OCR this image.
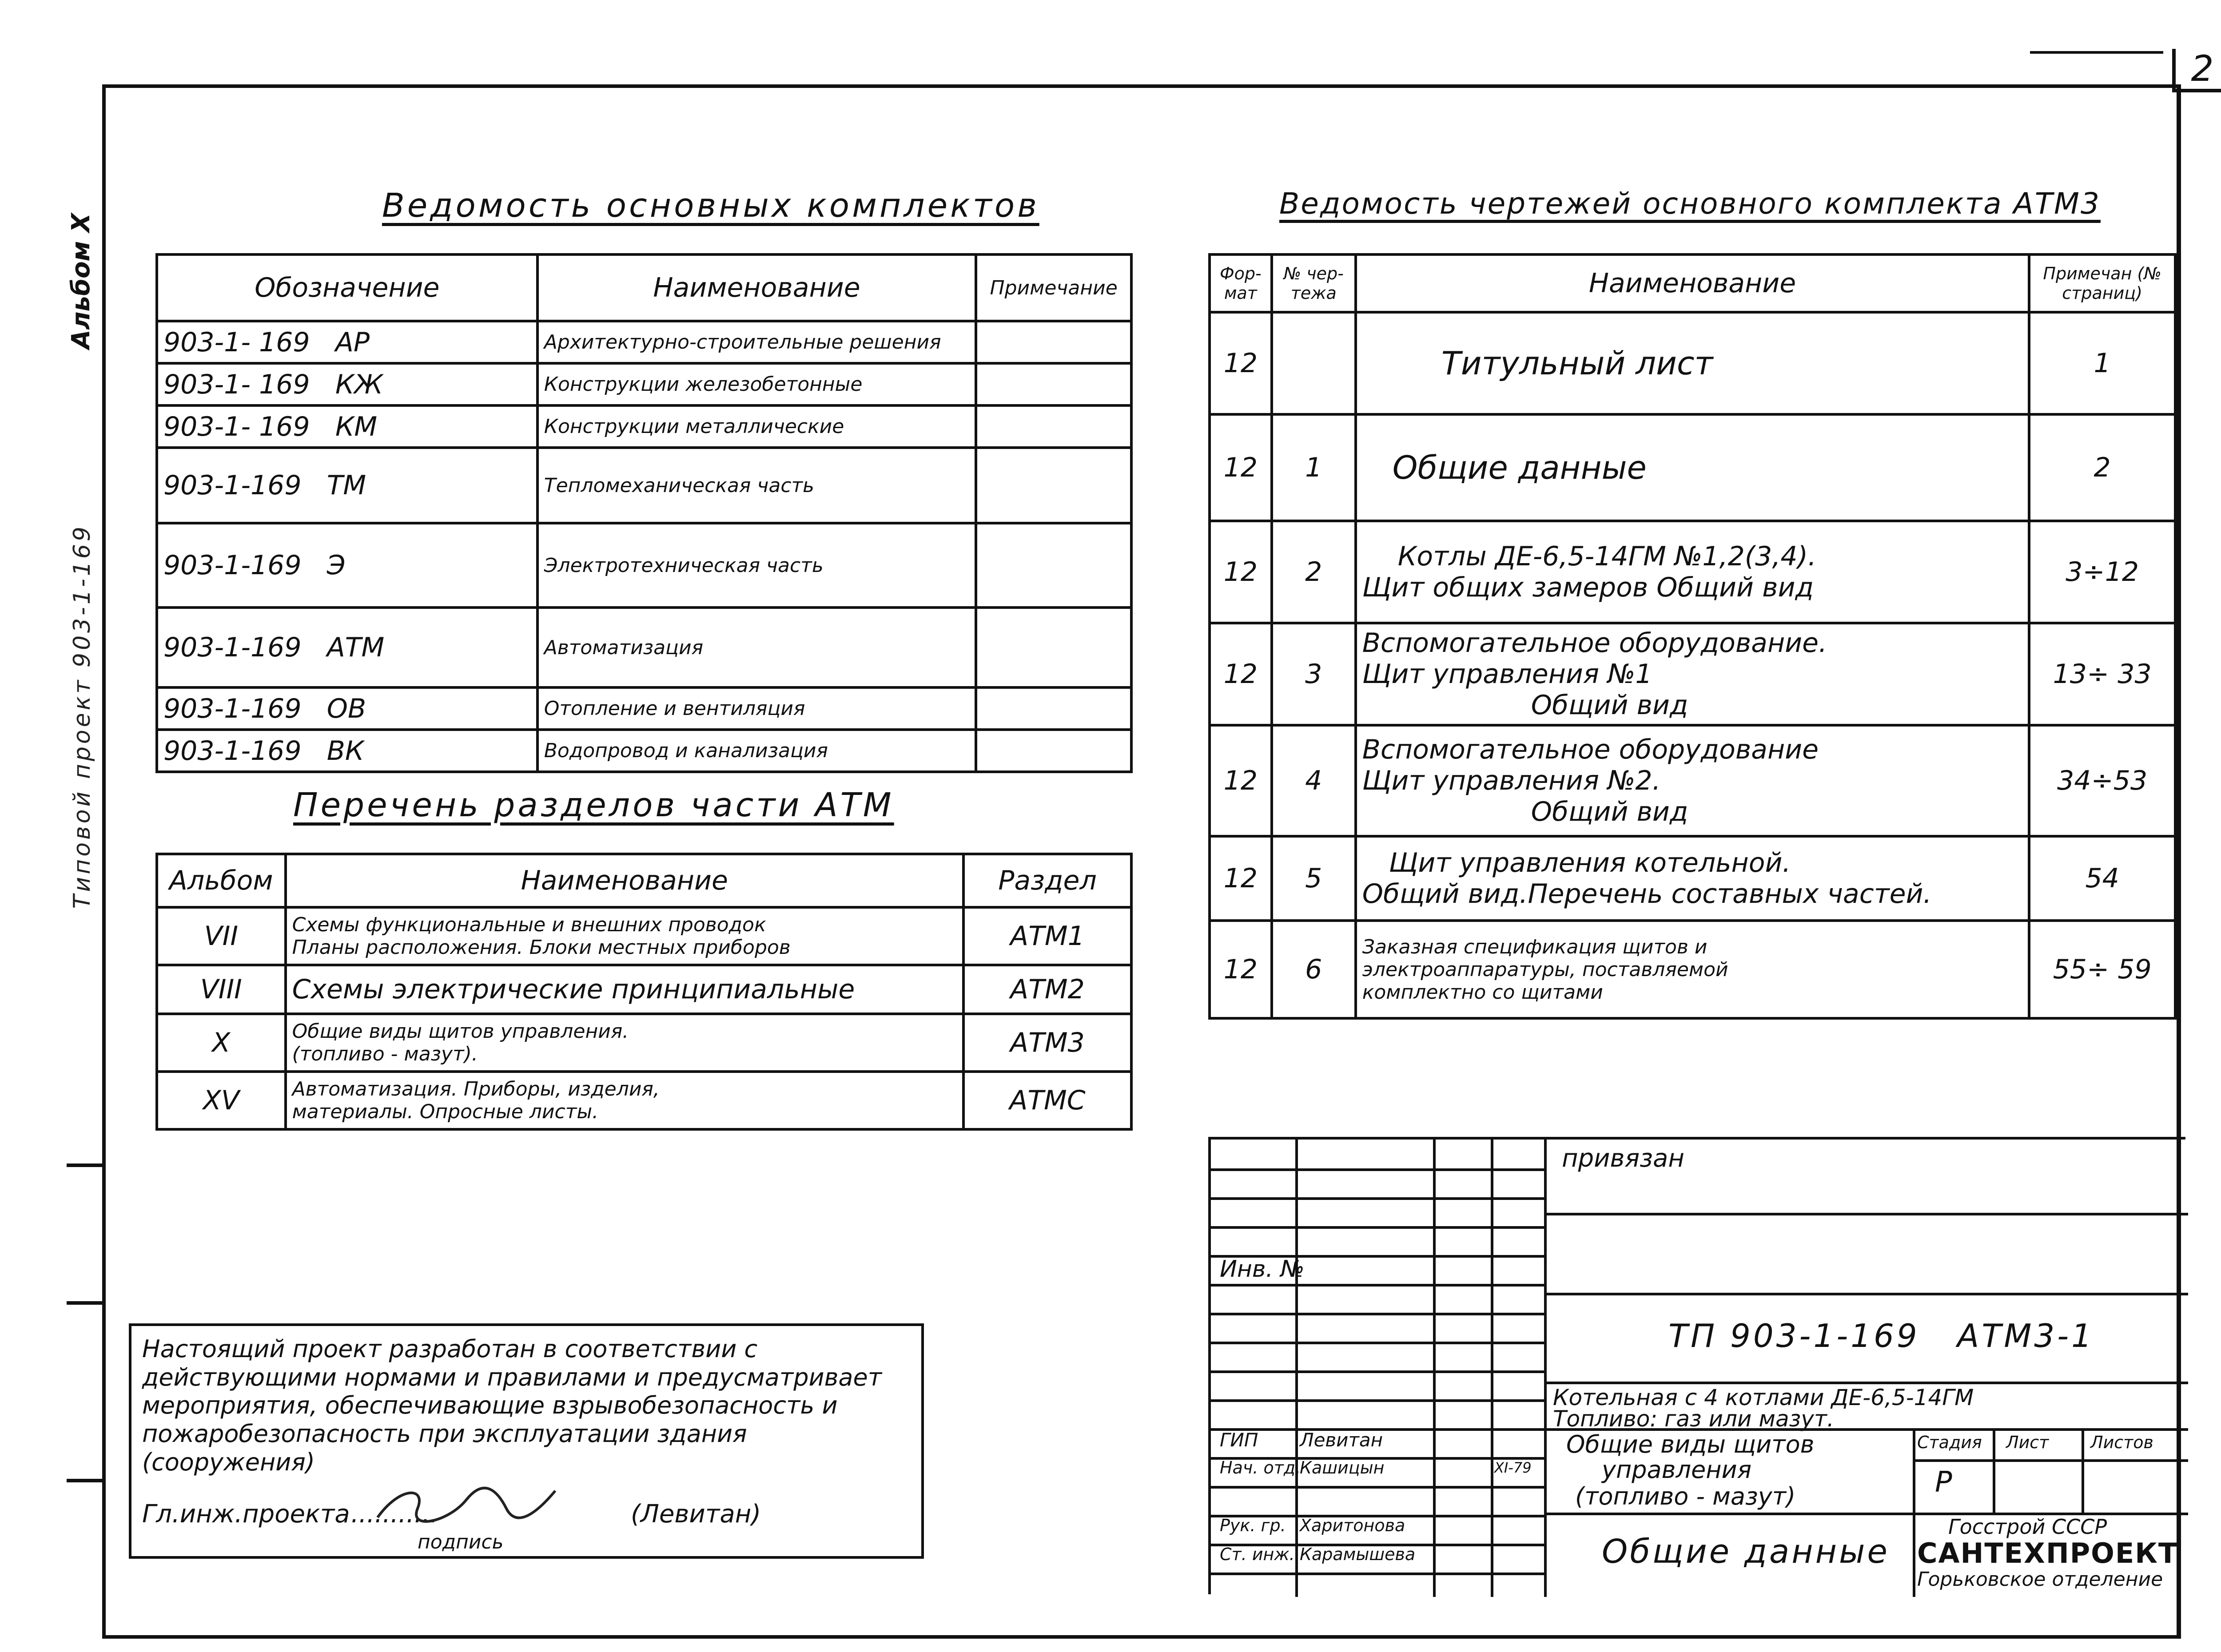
2
Альбом X
Типовой проект 903-1-169
Ведомость основных комплектов
Обозначение	Наименование	Примечание
903-1- 169 АР	Архитектурно-строительные решения	
903-1- 169 КЖ	Конструкции железобетонные	
903-1- 169 КМ	Конструкции металлические	
903-1-169 ТМ	Тепломеханическая часть	
903-1-169 Э	Электротехническая часть	
903-1-169 АТМ	Автоматизация	
903-1-169 ОВ	Отопление и вентиляция	
903-1-169 ВК	Водопровод и канализация	
Перечень разделов части АТМ
Альбом	Наименование	Раздел
VII	Схемы функциональные и внешних проводок
Планы расположения. Блоки местных приборов	АТМ1
VIII	Схемы электрические принципиальные	АТМ2
X	Общие виды щитов управления.
(топливо - мазут).	АТМ3
XV	Автоматизация. Приборы, изделия,
материалы. Опросные листы.	АТМС
Ведомость чертежей основного комплекта АТМ3
Фор-мат	№ чер-тежа	Наименование	Примечан (№ страниц)
12		Титульный лист	1
12	1	Общие данные	2
12	2	Котлы ДЕ-6,5-14ГМ №1,2(3,4).
Щит общих замеров Общий вид	3÷12
12	3	Вспомогательное оборудование.
Щит управления №1
Общий вид	13÷ 33
12	4	Вспомогательное оборудование
Щит управления №2.
Общий вид	34÷53
12	5	Щит управления котельной.
Общий вид.Перечень составных частей.	54
12	6	Заказная спецификация щитов и
электроаппаратуры, поставляемой
комплектно со щитами	55÷ 59
Настоящий проект разработан в соответствии с действующими нормами и правилами и предусматривает мероприятия, обеспечивающие взрывобезопасность и пожаробезопасность при эксплуатации здания (сооружения)
Гл.инж.проекта ...........	(Левитан)
подпись
привязан
Инв. №
ТП 903-1-169 АТМ3-1
Котельная с 4 котлами ДЕ-6,5-14ГМ
Топливо: газ или мазут.
ГИП Левитан
Нач. отд.
Кашицын	XI-79
Рук. гр. Харитонова
Ст. инж. Карамышева
Общие виды щитов
управления
(топливо - мазут)
Стадия Лист Листов
Р
Общие данные
Госстрой СССР
САНТЕХПРОЕКТ
Горьковское отделение
